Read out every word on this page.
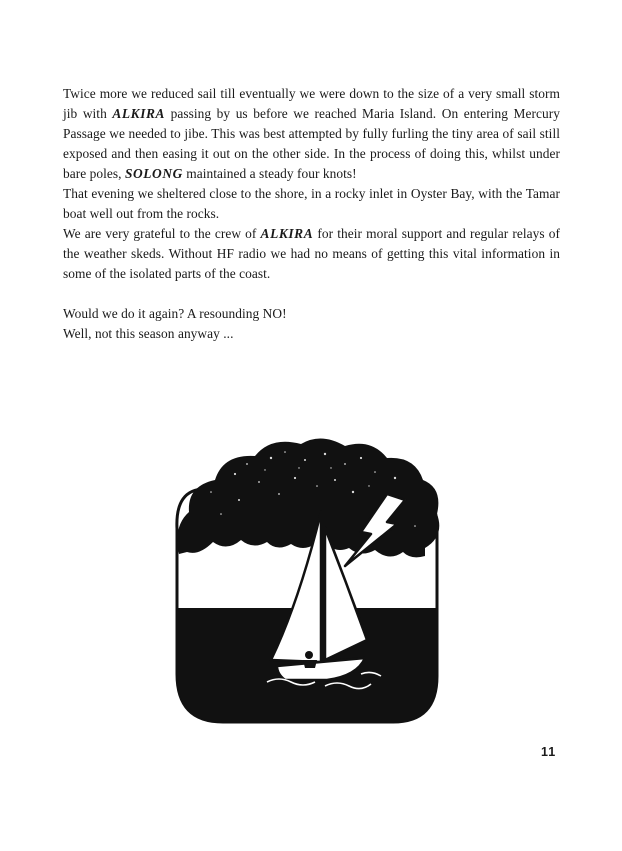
Twice more we reduced sail till eventually we were down to the size of a very small storm jib with ALKIRA passing by us before we reached Maria Island. On entering Mercury Passage we needed to jibe. This was best attempted by fully furling the tiny area of sail still exposed and then easing it out on the other side. In the process of doing this, whilst under bare poles, SOLONG maintained a steady four knots!

That evening we sheltered close to the shore, in a rocky inlet in Oyster Bay, with the Tamar boat well out from the rocks.

We are very grateful to the crew of ALKIRA for their moral support and regular relays of the weather skeds. Without HF radio we had no means of getting this vital information in some of the isolated parts of the coast.

Would we do it again? A resounding NO!

Well, not this season anyway ...

11
